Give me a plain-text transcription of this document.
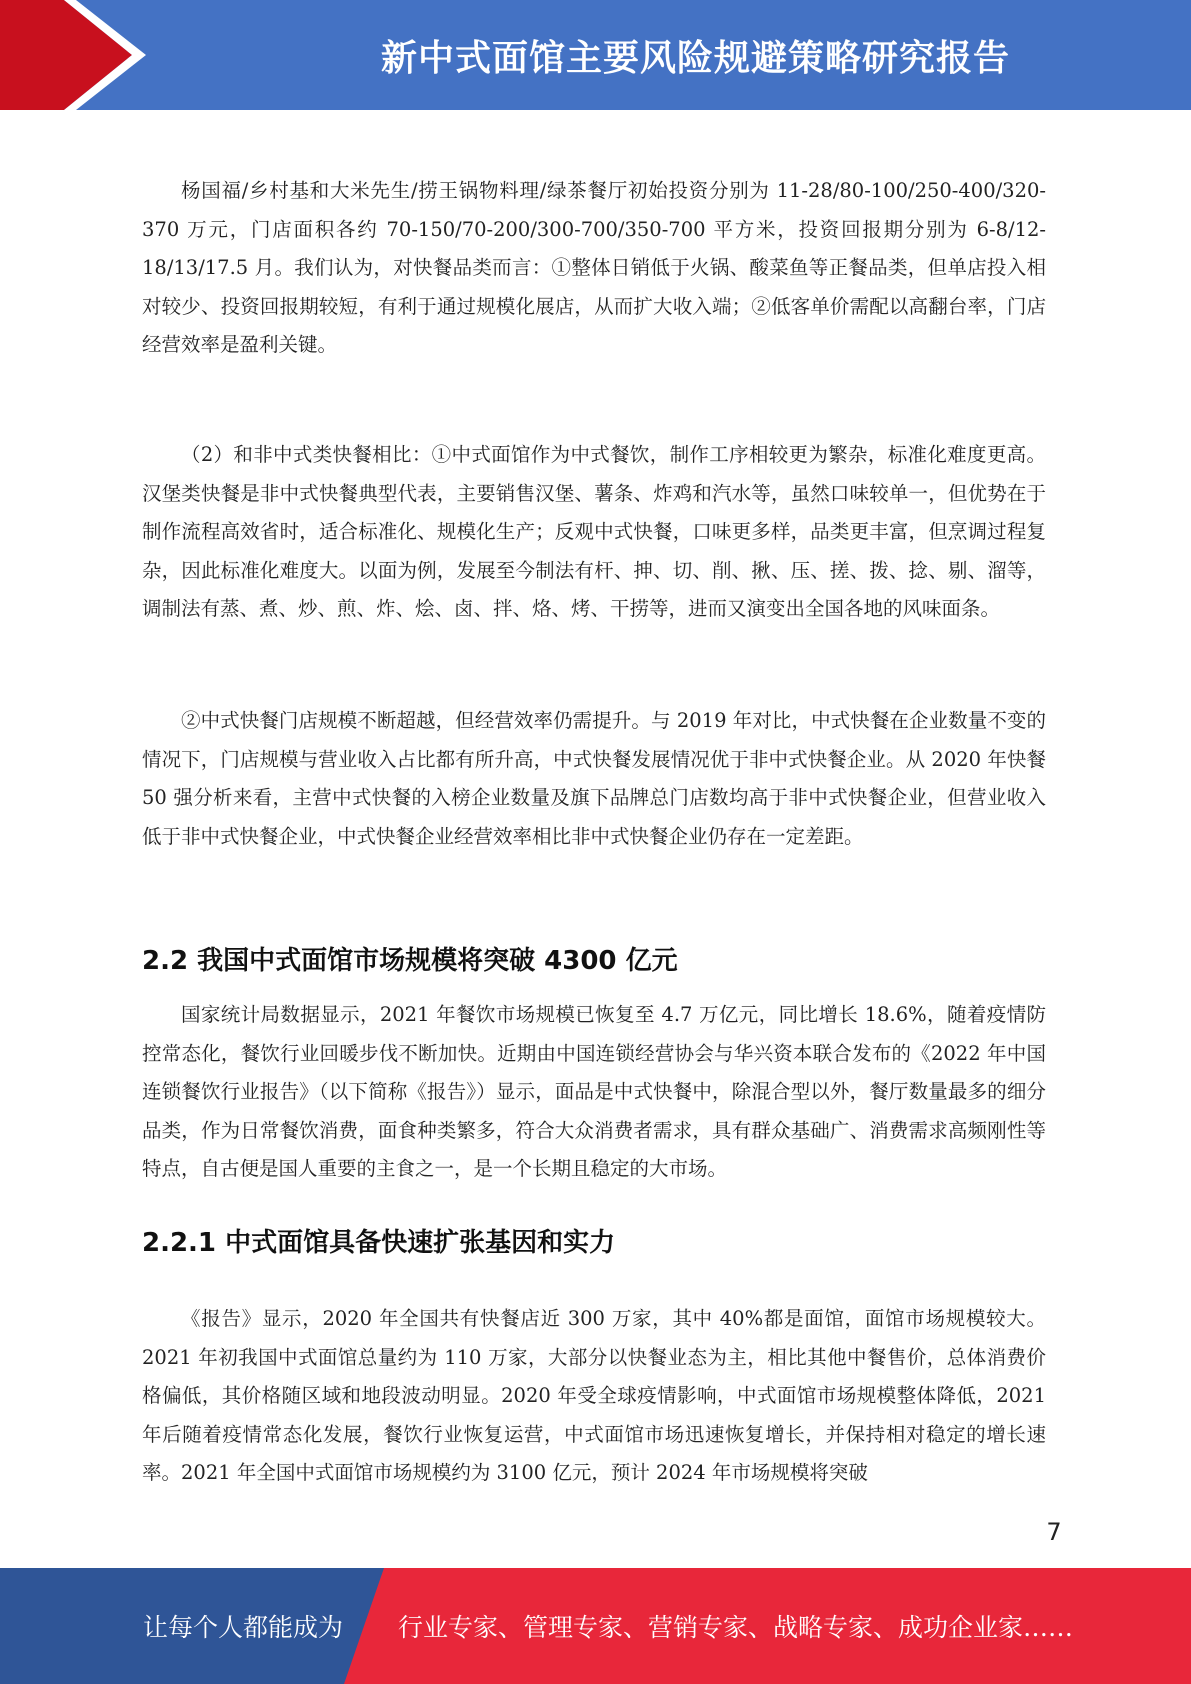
新中式面馆主要风险规避策略研究报告

杨国福/乡村基和大米先生/捞王锅物料理/绿茶餐厅初始投资分别为 11-28/80-100/250-400/320-370 万元，门店面积各约 70-150/70-200/300-700/350-700 平方米，投资回报期分别为 6-8/12-18/13/17.5 月。我们认为，对快餐品类而言：①整体日销低于火锅、酸菜鱼等正餐品类，但单店投入相对较少、投资回报期较短，有利于通过规模化展店，从而扩大收入端；②低客单价需配以高翻台率，门店经营效率是盈利关键。

（2）和非中式类快餐相比：①中式面馆作为中式餐饮，制作工序相较更为繁杂，标准化难度更高。汉堡类快餐是非中式快餐典型代表，主要销售汉堡、薯条、炸鸡和汽水等，虽然口味较单一，但优势在于制作流程高效省时，适合标准化、规模化生产；反观中式快餐，口味更多样，品类更丰富，但烹调过程复杂，因此标准化难度大。以面为例，发展至今制法有杆、抻、切、削、揪、压、搓、拨、捻、剔、溜等，调制法有蒸、煮、炒、煎、炸、烩、卤、拌、烙、烤、干捞等，进而又演变出全国各地的风味面条。

②中式快餐门店规模不断超越，但经营效率仍需提升。与 2019 年对比，中式快餐在企业数量不变的情况下，门店规模与营业收入占比都有所升高，中式快餐发展情况优于非中式快餐企业。从 2020 年快餐 50 强分析来看，主营中式快餐的入榜企业数量及旗下品牌总门店数均高于非中式快餐企业，但营业收入低于非中式快餐企业，中式快餐企业经营效率相比非中式快餐企业仍存在一定差距。

2.2 我国中式面馆市场规模将突破 4300 亿元

国家统计局数据显示，2021 年餐饮市场规模已恢复至 4.7 万亿元，同比增长 18.6%，随着疫情防控常态化，餐饮行业回暖步伐不断加快。近期由中国连锁经营协会与华兴资本联合发布的《2022 年中国连锁餐饮行业报告》（以下简称《报告》）显示，面品是中式快餐中，除混合型以外，餐厅数量最多的细分品类，作为日常餐饮消费，面食种类繁多，符合大众消费者需求，具有群众基础广、消费需求高频刚性等特点，自古便是国人重要的主食之一，是一个长期且稳定的大市场。

2.2.1 中式面馆具备快速扩张基因和实力

《报告》显示，2020 年全国共有快餐店近 300 万家，其中 40%都是面馆，面馆市场规模较大。2021 年初我国中式面馆总量约为 110 万家，大部分以快餐业态为主，相比其他中餐售价，总体消费价格偏低，其价格随区域和地段波动明显。2020 年受全球疫情影响，中式面馆市场规模整体降低，2021 年后随着疫情常态化发展，餐饮行业恢复运营，中式面馆市场迅速恢复增长，并保持相对稳定的增长速率。2021 年全国中式面馆市场规模约为 3100 亿元，预计 2024 年市场规模将突破

7
让每个人都能成为 行业专家、管理专家、营销专家、战略专家、成功企业家……
